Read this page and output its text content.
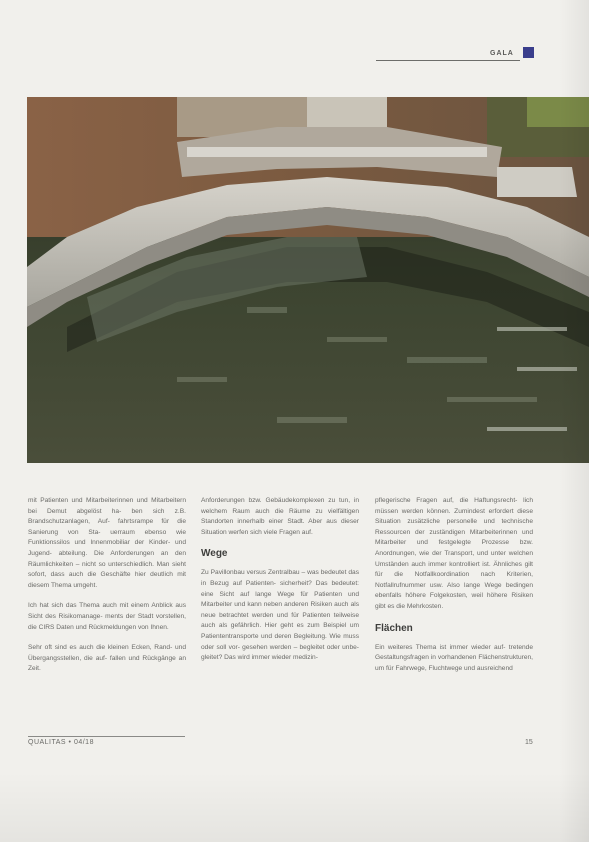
GALA

mit Patienten und Mitarbeiterinnen und Mitarbeitern bei Demut abgelöst ha- ben sich z.B. Brandschutzanlagen, Auf- fahrtsrampe für die Sanierung von Sta- uerraum ebenso wie Funktionssilos und Innenmobiliar der Kinder- und Jugend- abteilung. Die Anforderungen an den Räumlichkeiten – nicht so unterschiedlich. Man sieht sofort, dass auch die Geschäfte hier deutlich mit diesem Thema umgeht.

Ich hat sich das Thema auch mit einem Anblick aus Sicht des Risikomanage- ments der Stadt vorstellen, die CIRS Daten und Rückmeldungen von Ihnen.

Sehr oft sind es auch die kleinen Ecken, Rand- und Übergangsstellen, die auf- fallen und Rückgänge an Zeit.

Anforderungen bzw. Gebäudekomplexen zu tun, in welchem Raum auch die Räume zu vielfältigen Standorten innerhalb einer Stadt. Aber aus dieser Situation werfen sich viele Fragen auf.

Wege

Zu Pavillonbau versus Zentralbau – was bedeutet das in Bezug auf Patienten- sicherheit? Das bedeutet: eine Sicht auf lange Wege für Patienten und Mitarbeiter und kann neben anderen Risiken auch als neue betrachtet werden und für Patienten teilweise auch als gefährlich. Hier geht es zum Beispiel um Patiententransporte und deren Begleitung. Wie muss oder soll vor- gesehen werden – begleitet oder unbe- gleitet? Das wird immer wieder medizin-

pflegerische Fragen auf, die Haftungsrecht- lich müssen werden können. Zumindest erfordert diese Situation zusätzliche personelle und technische Ressourcen der zuständigen Mitarbeiterinnen und Mitarbeiter und festgelegte Prozesse bzw. Anordnungen, wie der Transport, und unter welchen Umständen auch immer kontrolliert ist. Ähnliches gilt für die Notfallkoordination nach Kriterien, Notfallrufnummer usw. Also lange Wege bedingen ebenfalls höhere Folgekosten, weil höhere Risiken gibt es die Mehrkosten.

Flächen

Ein weiteres Thema ist immer wieder auf- tretende Gestaltungsfragen in vorhandenen Flächenstrukturen, um für Fahrwege, Fluchtwege und ausreichend

QUALITAS • 04/18	15
